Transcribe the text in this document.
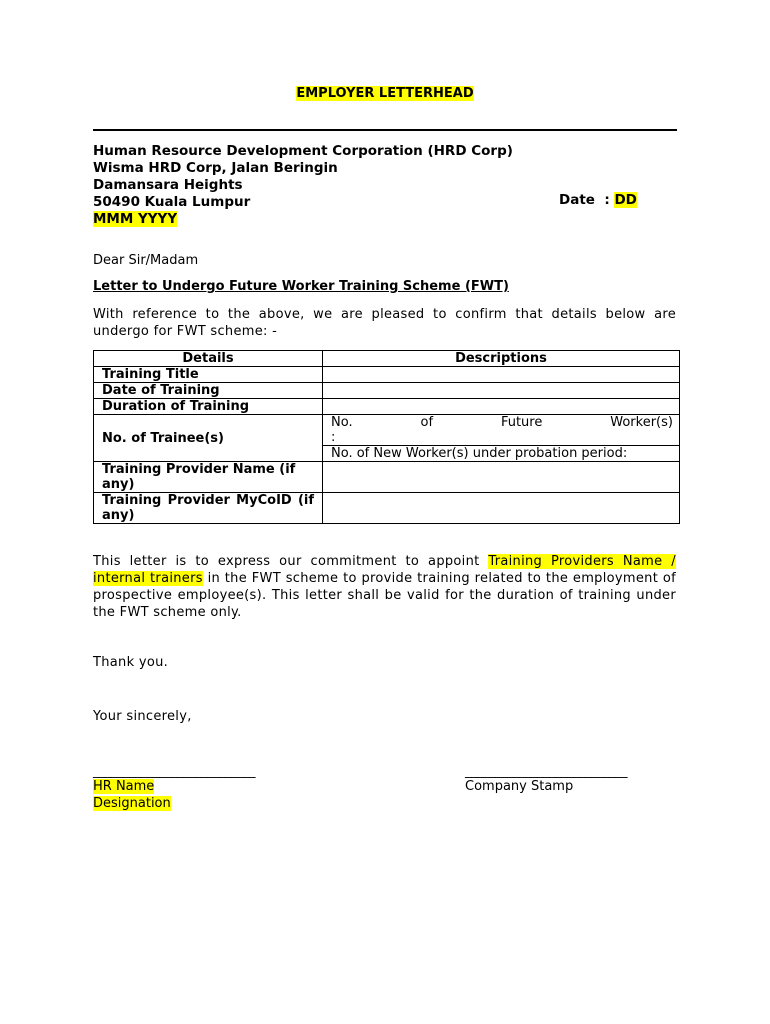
EMPLOYER LETTERHEAD
Human Resource Development Corporation (HRD Corp)
Wisma HRD Corp, Jalan Beringin
Damansara Heights
50490 Kuala Lumpur	Date  : DD
MMM YYYY
Dear Sir/Madam
Letter to Undergo Future Worker Training Scheme (FWT)
With reference to the above, we are pleased to confirm that details below are undergo for FWT scheme: -
Details	Descriptions
Training Title	
Date of Training	
Duration of Training	
No. of Trainee(s)	No. of Future Worker(s)
:

	No. of New Worker(s) under probation period:
Training Provider Name (if any)	
Training Provider MyCoID (if any)	
This letter is to express our commitment to appoint Training Providers Name / internal trainers in the FWT scheme to provide training related to the employment of prospective employee(s). This letter shall be valid for the duration of training under the FWT scheme only.
Thank you.
Your sincerely,
___________________________	___________________________
HR Name
Designation
Company Stamp
